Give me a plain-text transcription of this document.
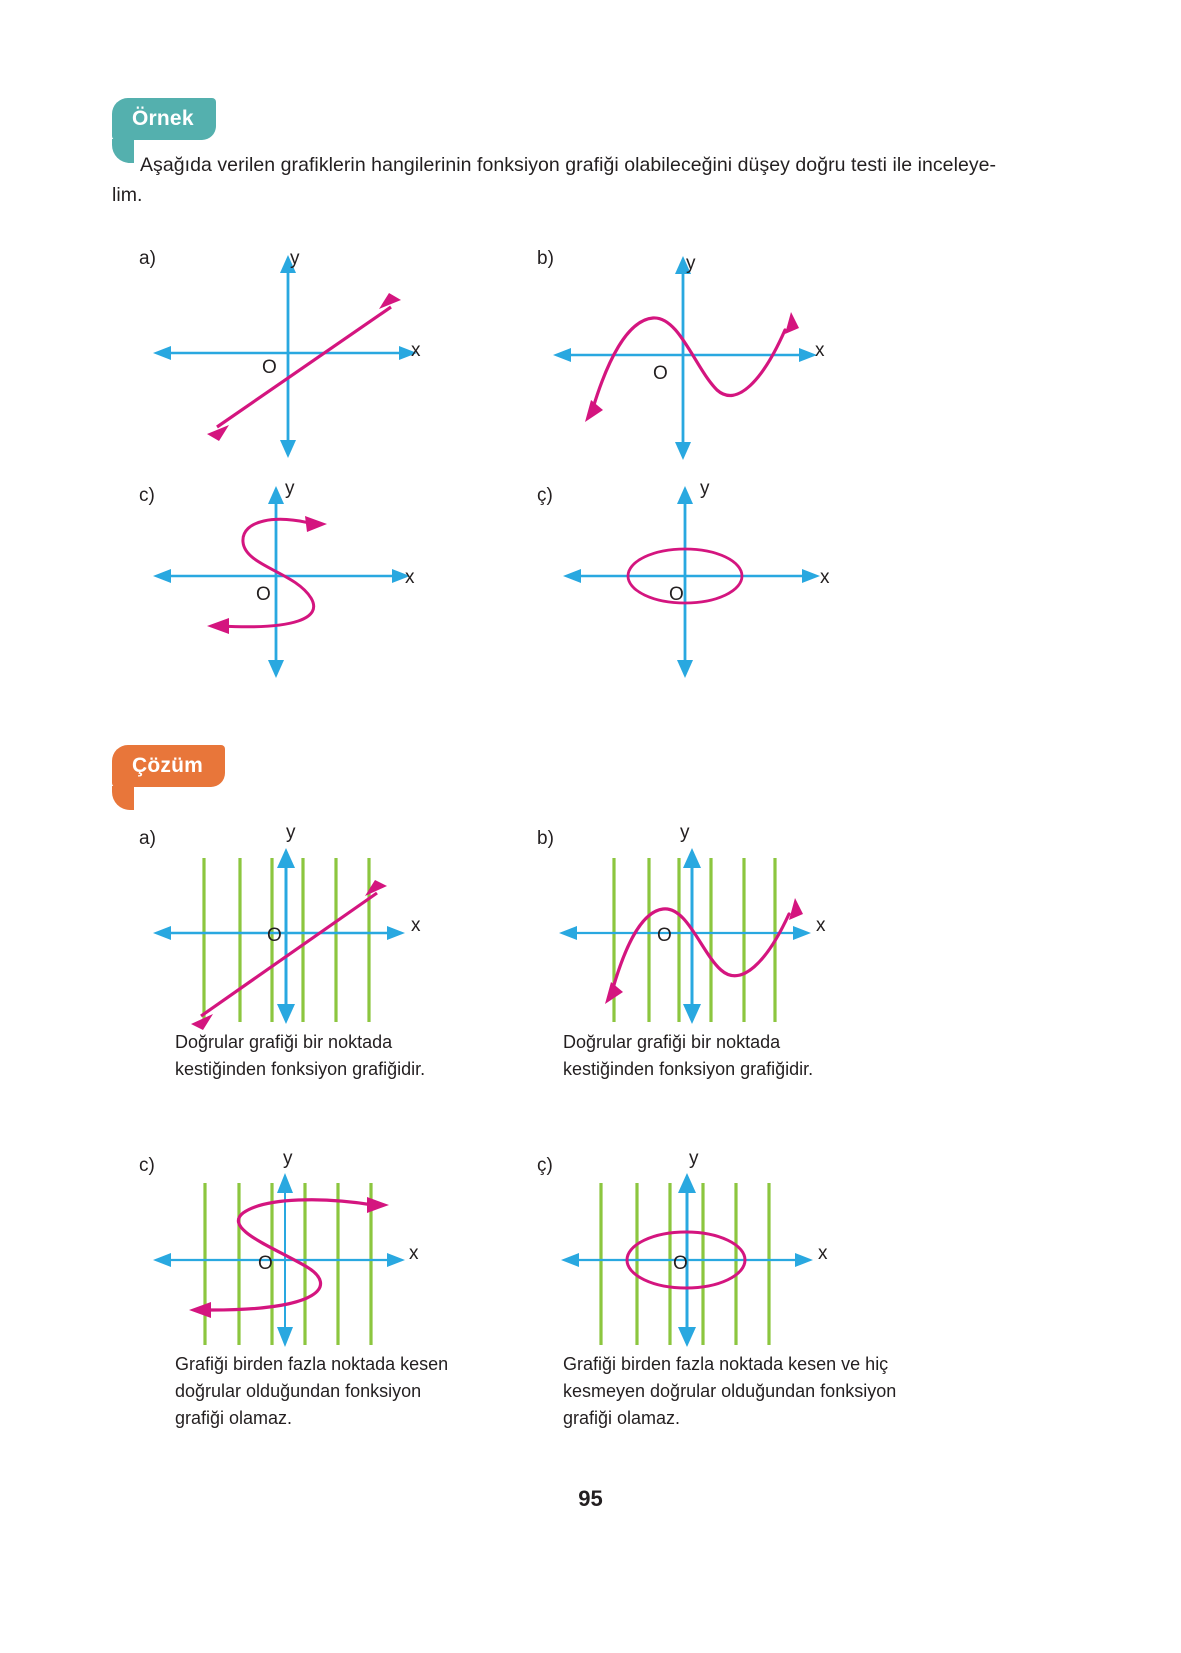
Örnek
Aşağıda verilen grafiklerin hangilerinin fonksiyon grafiği olabileceğini düşey doğru testi ile inceleye-lim.
a)
x
y
O
b)
x
y
O
c)
x
y
O
ç)
x
y
O
Çözüm
a)
x
y
O
Doğrular grafiği bir noktada kestiğinden fonksiyon grafiğidir.
b)
x
y
O
Doğrular grafiği bir noktada kestiğinden fonksiyon grafiğidir.
c)
x
y
O
Grafiği birden fazla noktada kesen doğrular olduğundan fonksiyon grafiği olamaz.
ç)
x
y
O
Grafiği birden fazla noktada kesen ve hiç kesmeyen doğrular olduğundan fonksiyon grafiği olamaz.
95
